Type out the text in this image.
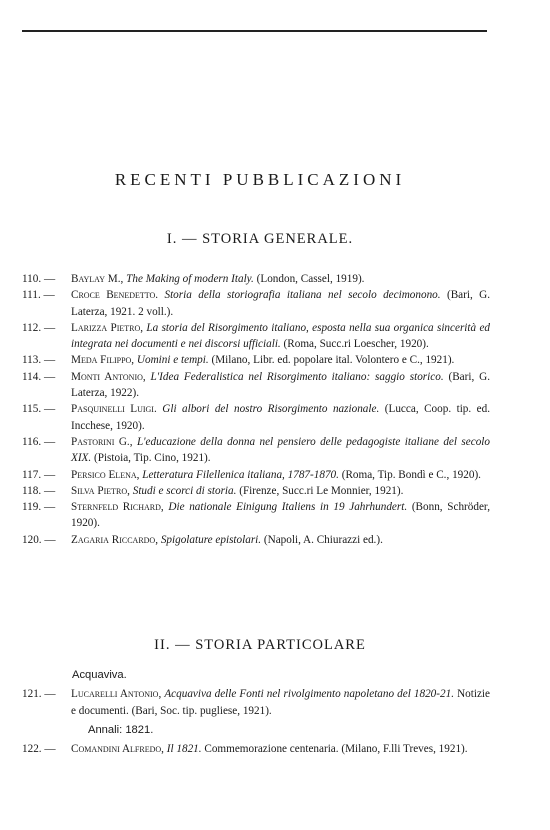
RECENTI PUBBLICAZIONI
I. — STORIA GENERALE.
110. — Baylay M., The Making of modern Italy. (London, Cassel, 1919).
111. — Croce Benedetto. Storia della storiografia italiana nel secolo decimonono. (Bari, G. Laterza, 1921. 2 voll.).
112. — Larizza Pietro, La storia del Risorgimento italiano, esposta nella sua organica sincerità ed integrata nei documenti e nei discorsi ufficiali. (Roma, Succ.ri Loescher, 1920).
113. — Meda Filippo, Uomini e tempi. (Milano, Libr. ed. popolare ital. Volontero e C., 1921).
114. — Monti Antonio, L'Idea Federalistica nel Risorgimento italiano: saggio storico. (Bari, G. Laterza, 1922).
115. — Pasquinelli Luigi. Gli albori del nostro Risorgimento nazionale. (Lucca, Coop. tip. ed. Incchese, 1920).
116. — Pastorini G., L'educazione della donna nel pensiero delle pedagogiste italiane del secolo XIX. (Pistoia, Tip. Cino, 1921).
117. — Persico Elena, Letteratura Filellenica italiana, 1787-1870. (Roma, Tip. Bondì e C., 1920).
118. — Silva Pietro, Studi e scorci di storia. (Firenze, Succ.ri Le Monnier, 1921).
119. — Sternfeld Richard, Die nationale Einigung Italiens in 19 Jahrhundert. (Bonn, Schröder, 1920).
120. — Zagaria Riccardo, Spigolature epistolari. (Napoli, A. Chiurazzi ed.).
II. — STORIA PARTICOLARE
Acquaviva.
121. — Lucarelli Antonio, Acquaviva delle Fonti nel rivolgimento napoletano del 1820-21. Notizie e documenti. (Bari, Soc. tip. pugliese, 1921).
Annali: 1821.
122. — Comandini Alfredo, Il 1821. Commemorazione centenaria. (Milano, F.lli Treves, 1921).
